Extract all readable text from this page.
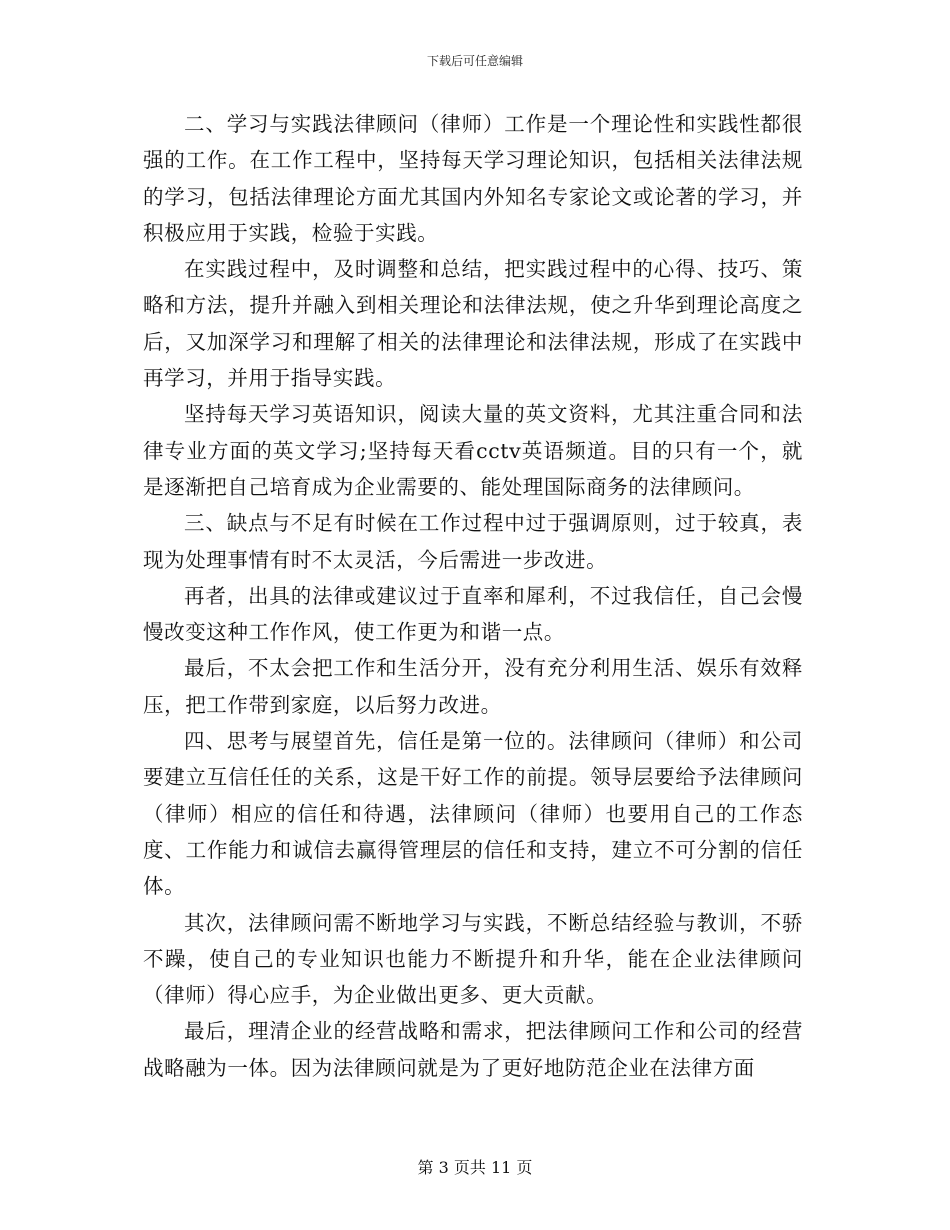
下载后可任意编辑

二、学习与实践法律顾问（律师）工作是一个理论性和实践性都很强的工作。在工作工程中，坚持每天学习理论知识，包括相关法律法规的学习，包括法律理论方面尤其国内外知名专家论文或论著的学习，并积极应用于实践，检验于实践。

在实践过程中，及时调整和总结，把实践过程中的心得、技巧、策略和方法，提升并融入到相关理论和法律法规，使之升华到理论高度之后，又加深学习和理解了相关的法律理论和法律法规，形成了在实践中再学习，并用于指导实践。

坚持每天学习英语知识，阅读大量的英文资料，尤其注重合同和法律专业方面的英文学习;坚持每天看cctv英语频道。目的只有一个，就是逐渐把自己培育成为企业需要的、能处理国际商务的法律顾问。

三、缺点与不足有时候在工作过程中过于强调原则，过于较真，表现为处理事情有时不太灵活，今后需进一步改进。

再者，出具的法律或建议过于直率和犀利，不过我信任，自己会慢慢改变这种工作作风，使工作更为和谐一点。

最后，不太会把工作和生活分开，没有充分利用生活、娱乐有效释压，把工作带到家庭，以后努力改进。

四、思考与展望首先，信任是第一位的。法律顾问（律师）和公司要建立互信任任的关系，这是干好工作的前提。领导层要给予法律顾问（律师）相应的信任和待遇，法律顾问（律师）也要用自己的工作态度、工作能力和诚信去赢得管理层的信任和支持，建立不可分割的信任体。

其次，法律顾问需不断地学习与实践，不断总结经验与教训，不骄不躁，使自己的专业知识也能力不断提升和升华，能在企业法律顾问（律师）得心应手，为企业做出更多、更大贡献。

最后，理清企业的经营战略和需求，把法律顾问工作和公司的经营战略融为一体。因为法律顾问就是为了更好地防范企业在法律方面

第 3 页共 11 页
